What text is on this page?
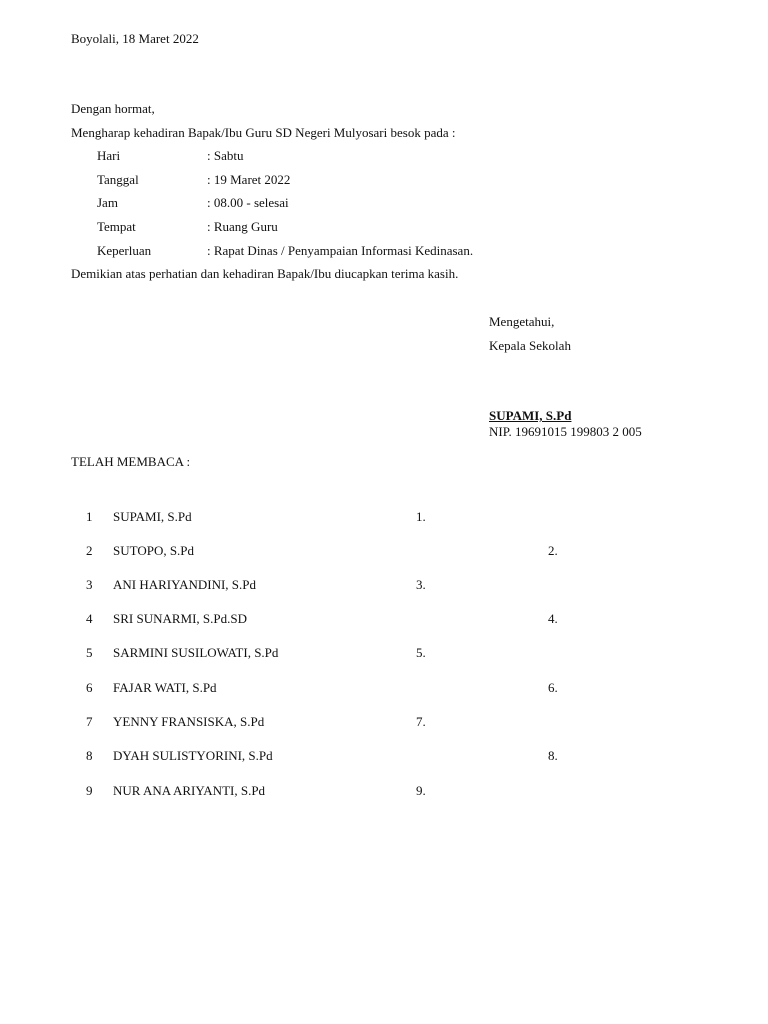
Boyolali, 18 Maret 2022
Dengan hormat,
Mengharap kehadiran Bapak/Ibu Guru SD Negeri Mulyosari besok pada :
Hari	: Sabtu
Tanggal	: 19 Maret 2022
Jam	: 08.00 - selesai
Tempat	: Ruang Guru
Keperluan	: Rapat Dinas / Penyampaian Informasi Kedinasan.
Demikian atas perhatian dan kehadiran Bapak/Ibu diucapkan terima kasih.
Mengetahui,
Kepala Sekolah
SUPAMI, S.Pd
NIP. 19691015 199803 2 005
TELAH MEMBACA :
1 SUPAMI, S.Pd	1.
2 SUTOPO, S.Pd	2.
3 ANI HARIYANDINI, S.Pd	3.
4 SRI SUNARMI, S.Pd.SD	4.
5 SARMINI SUSILOWATI, S.Pd	5.
6 FAJAR WATI, S.Pd	6.
7 YENNY FRANSISKA, S.Pd	7.
8 DYAH SULISTYORINI, S.Pd	8.
9 NUR ANA ARIYANTI, S.Pd	9.
